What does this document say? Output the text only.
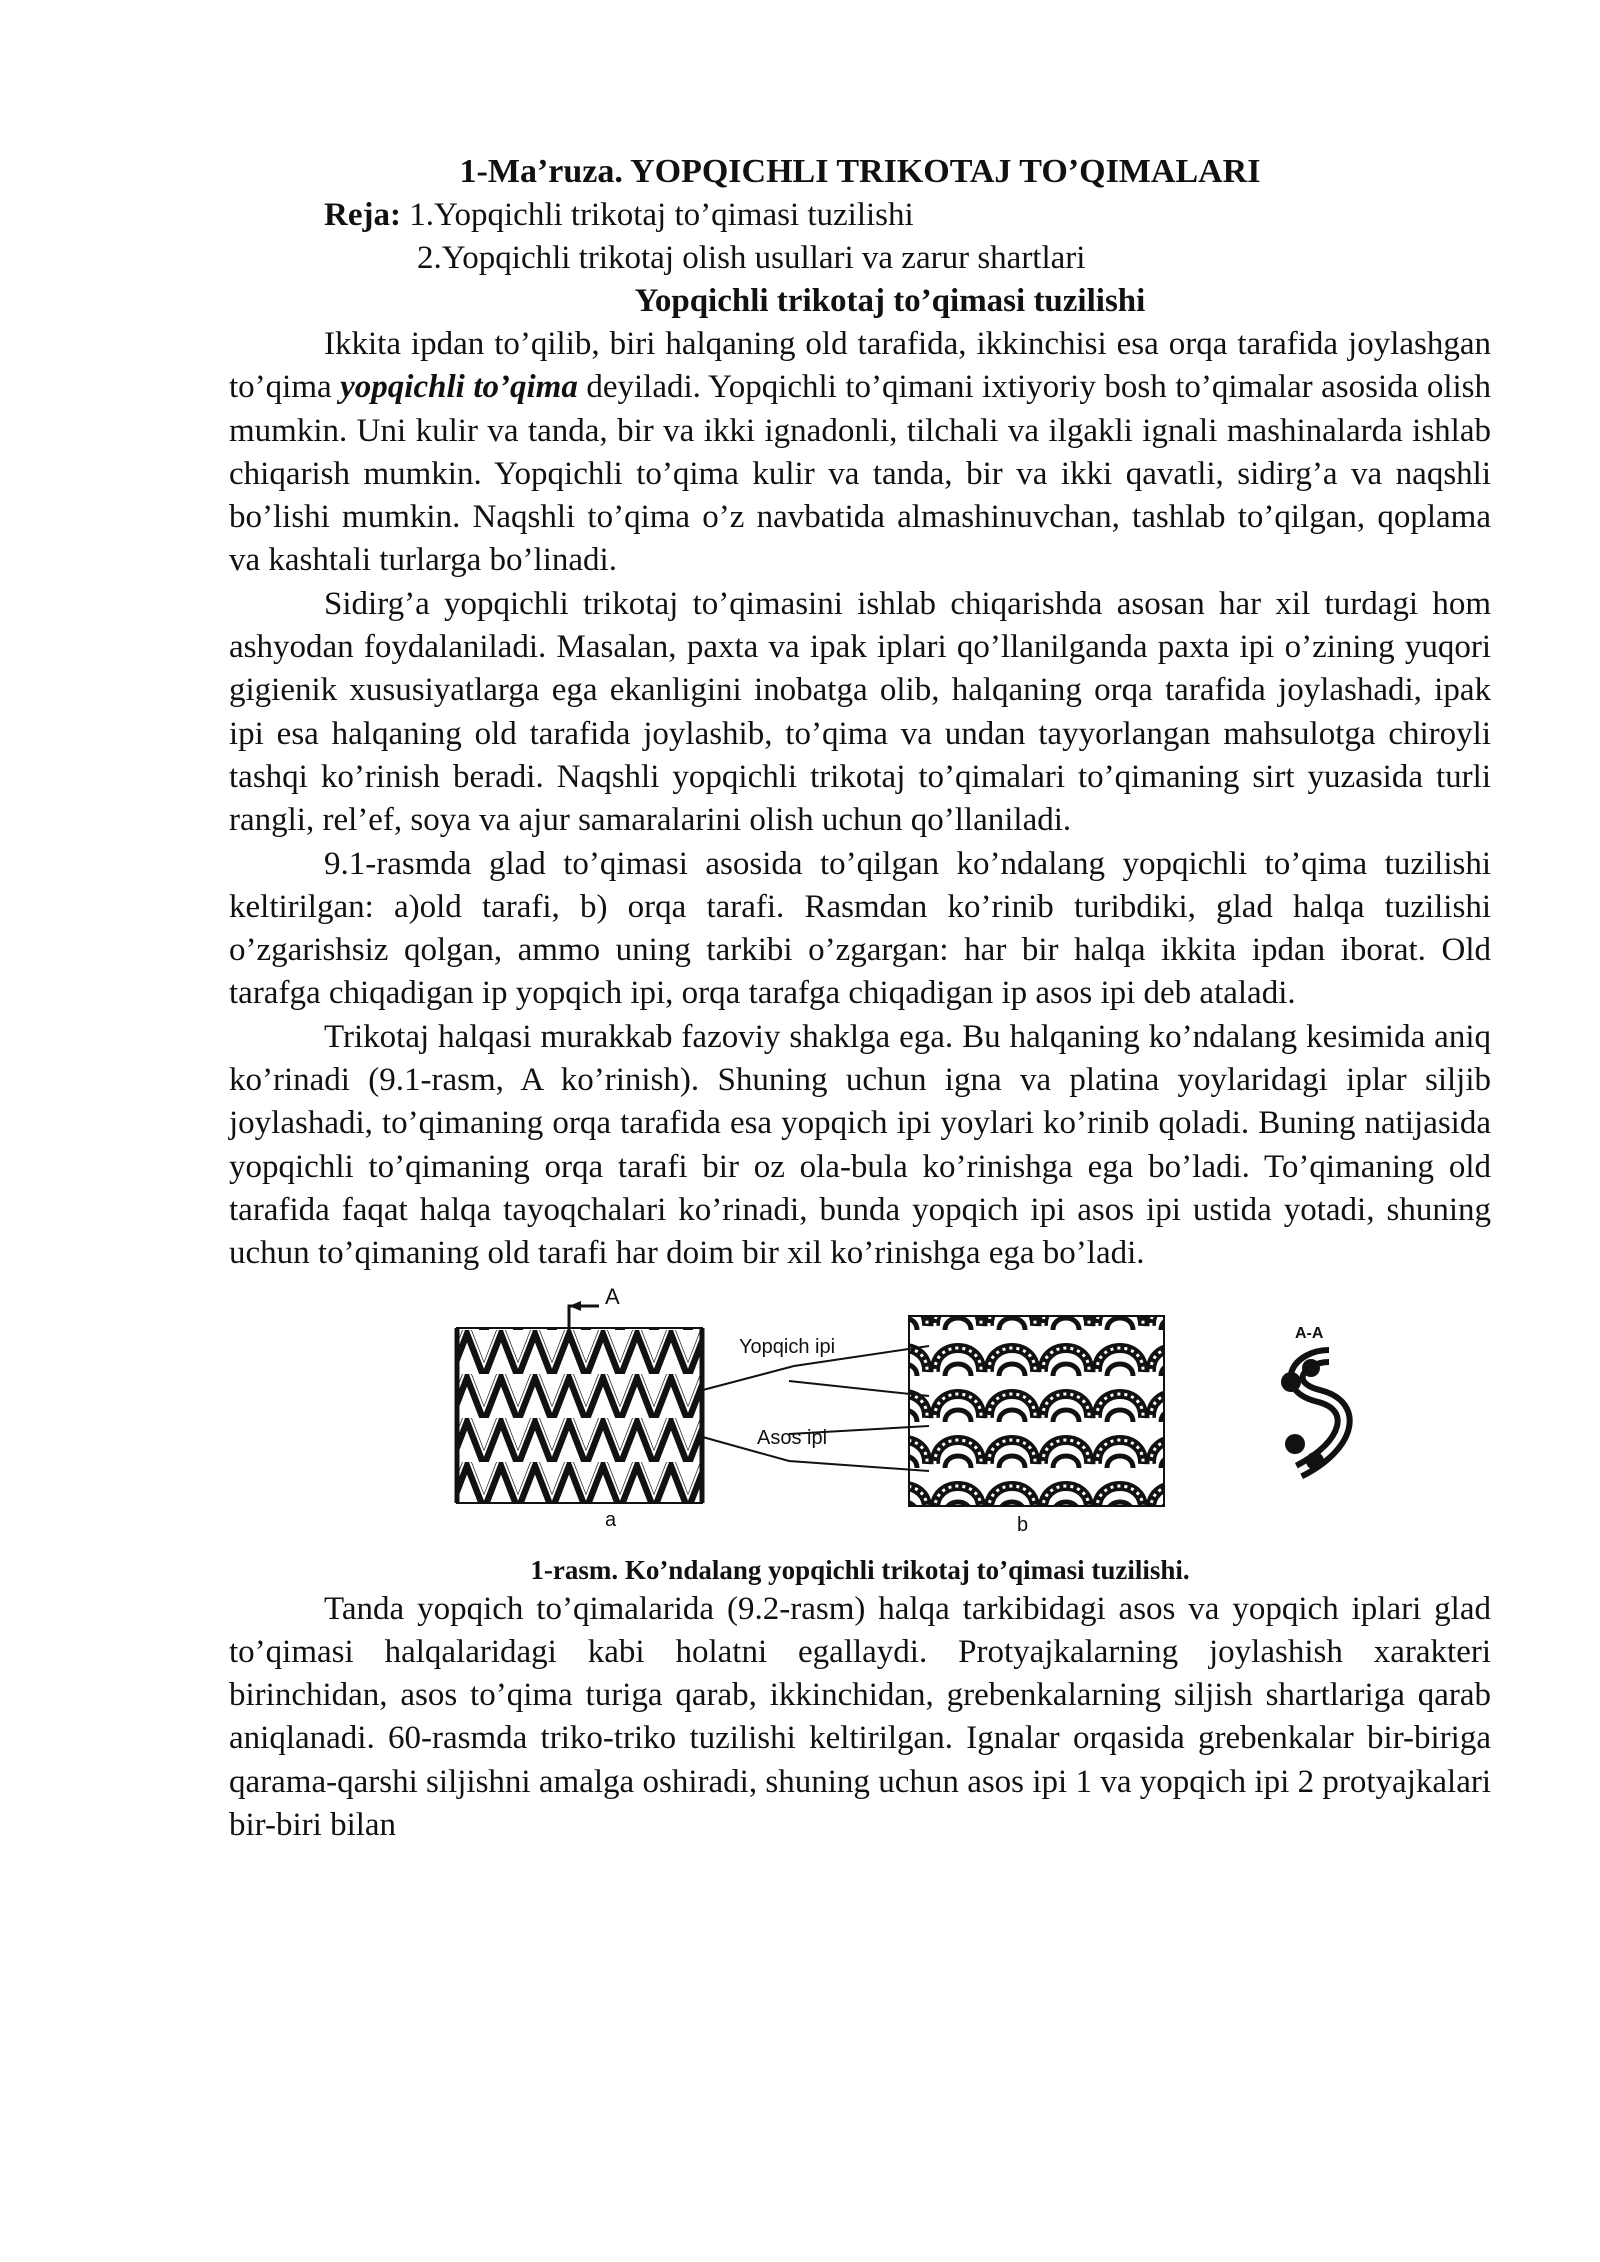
1-Ma’ruza. YOPQICHLI TRIKOTAJ TO’QIMALARI
Reja: 1.Yopqichli trikotaj to’qimasi tuzilishi
2.Yopqichli trikotaj olish usullari va zarur shartlari
Yopqichli trikotaj to’qimasi tuzilishi

Ikkita ipdan to’qilib, biri halqaning old tarafida, ikkinchisi esa orqa tarafida joylashgan to’qima yopqichli to’qima deyiladi. Yopqichli to’qimani ixtiyoriy bosh to’qimalar asosida olish mumkin. Uni kulir va tanda, bir va ikki ignadonli, tilchali va ilgakli ignali mashinalarda ishlab chiqarish mumkin. Yopqichli to’qima kulir va tanda, bir va ikki qavatli, sidirg’a va naqshli bo’lishi mumkin. Naqshli to’qima o’z navbatida almashinuvchan, tashlab to’qilgan, qoplama va kashtali turlarga bo’linadi.

Sidirg’a yopqichli trikotaj to’qimasini ishlab chiqarishda asosan har xil turdagi hom ashyodan foydalaniladi. Masalan, paxta va ipak iplari qo’llanilganda paxta ipi o’zining yuqori gigienik xususiyatlarga ega ekanligini inobatga olib, halqaning orqa tarafida joylashadi, ipak ipi esa halqaning old tarafida joylashib, to’qima va undan tayyorlangan mahsulotga chiroyli tashqi ko’rinish beradi. Naqshli yopqichli trikotaj to’qimalari to’qimaning sirt yuzasida turli rangli, rel’ef, soya va ajur samaralarini olish uchun qo’llaniladi.

9.1-rasmda glad to’qimasi asosida to’qilgan ko’ndalang yopqichli to’qima tuzilishi keltirilgan: a)old tarafi, b) orqa tarafi. Rasmdan ko’rinib turibdiki, glad halqa tuzilishi o’zgarishsiz qolgan, ammo uning tarkibi o’zgargan: har bir halqa ikkita ipdan iborat. Old tarafga chiqadigan ip yopqich ipi, orqa tarafga chiqadigan ip asos ipi deb ataladi.

Trikotaj halqasi murakkab fazoviy shaklga ega. Bu halqaning ko’ndalang kesimida aniq ko’rinadi (9.1-rasm, A ko’rinish). Shuning uchun igna va platina yoylaridagi iplar siljib joylashadi, to’qimaning orqa tarafida esa yopqich ipi yoylari ko’rinib qoladi. Buning natijasida yopqichli to’qimaning orqa tarafi bir oz ola-bula ko’rinishga ega bo’ladi. To’qimaning old tarafida faqat halqa tayoqchalari ko’rinadi, bunda yopqich ipi asos ipi ustida yotadi, shuning uchun to’qimaning old tarafi har doim bir xil ko’rinishga ega bo’ladi.

A
Yopqich ipi
Asos ipi
a	b
A-A
1-rasm. Ko’ndalang yopqichli trikotaj to’qimasi tuzilishi.

Tanda yopqich to’qimalarida (9.2-rasm) halqa tarkibidagi asos va yopqich iplari glad to’qimasi halqalaridagi kabi holatni egallaydi. Protyajkalarning joylashish xarakteri birinchidan, asos to’qima turiga qarab, ikkinchidan, grebenkalarning siljish shartlariga qarab aniqlanadi. 60-rasmda triko-triko tuzilishi keltirilgan. Ignalar orqasida grebenkalar bir-biriga qarama-qarshi siljishni amalga oshiradi, shuning uchun asos ipi 1 va yopqich ipi 2 protyajkalari bir-biri bilan
